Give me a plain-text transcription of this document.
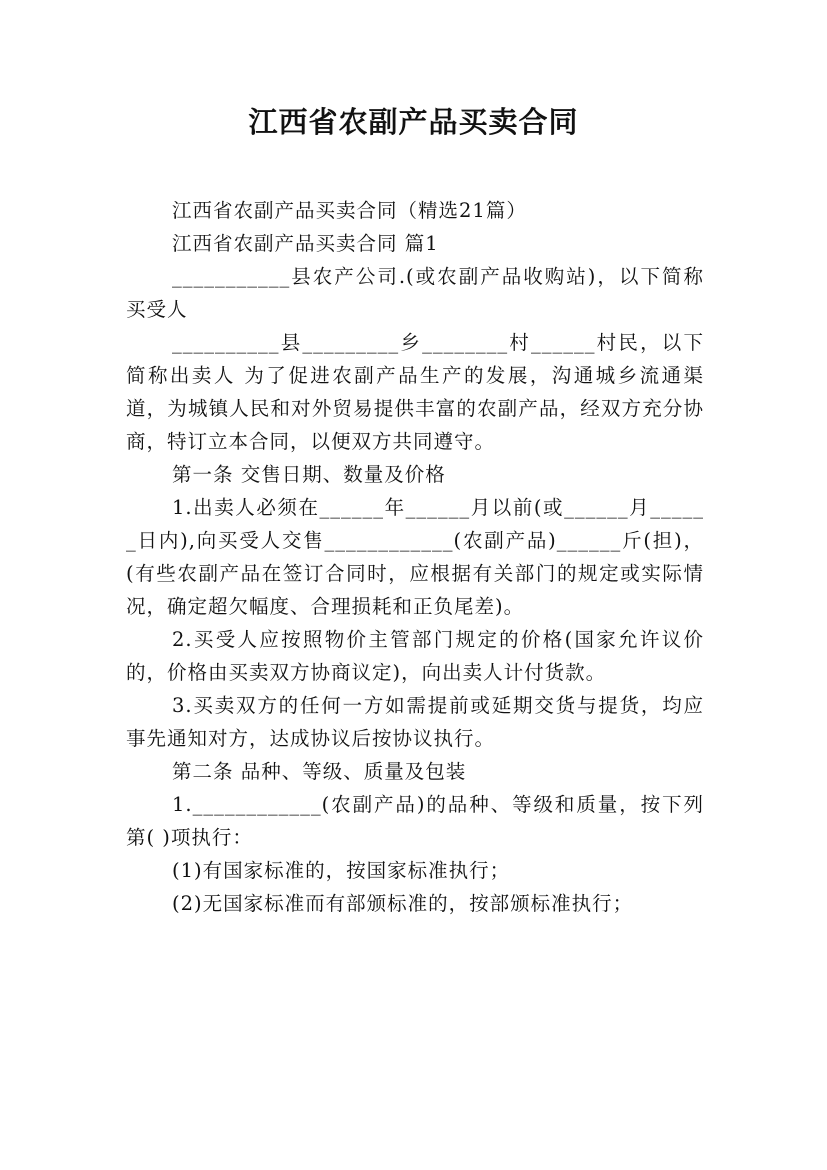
江西省农副产品买卖合同

江西省农副产品买卖合同（精选21篇）

江西省农副产品买卖合同 篇1

___________县农产公司.(或农副产品收购站)，以下简称买受人

__________县_________乡________村______村民，以下简称出卖人 为了促进农副产品生产的发展，沟通城乡流通渠道，为城镇人民和对外贸易提供丰富的农副产品，经双方充分协商，特订立本合同，以便双方共同遵守。

第一条 交售日期、数量及价格

1.出卖人必须在______年______月以前(或______月______日内),向买受人交售____________(农副产品)______斤(担)，(有些农副产品在签订合同时，应根据有关部门的规定或实际情况，确定超欠幅度、合理损耗和正负尾差)。

2.买受人应按照物价主管部门规定的价格(国家允许议价的，价格由买卖双方协商议定)，向出卖人计付货款。

3.买卖双方的任何一方如需提前或延期交货与提货，均应事先通知对方，达成协议后按协议执行。

第二条 品种、等级、质量及包装

1.____________(农副产品)的品种、等级和质量，按下列第( )项执行：

(1)有国家标准的，按国家标准执行；

(2)无国家标准而有部颁标准的，按部颁标准执行；
